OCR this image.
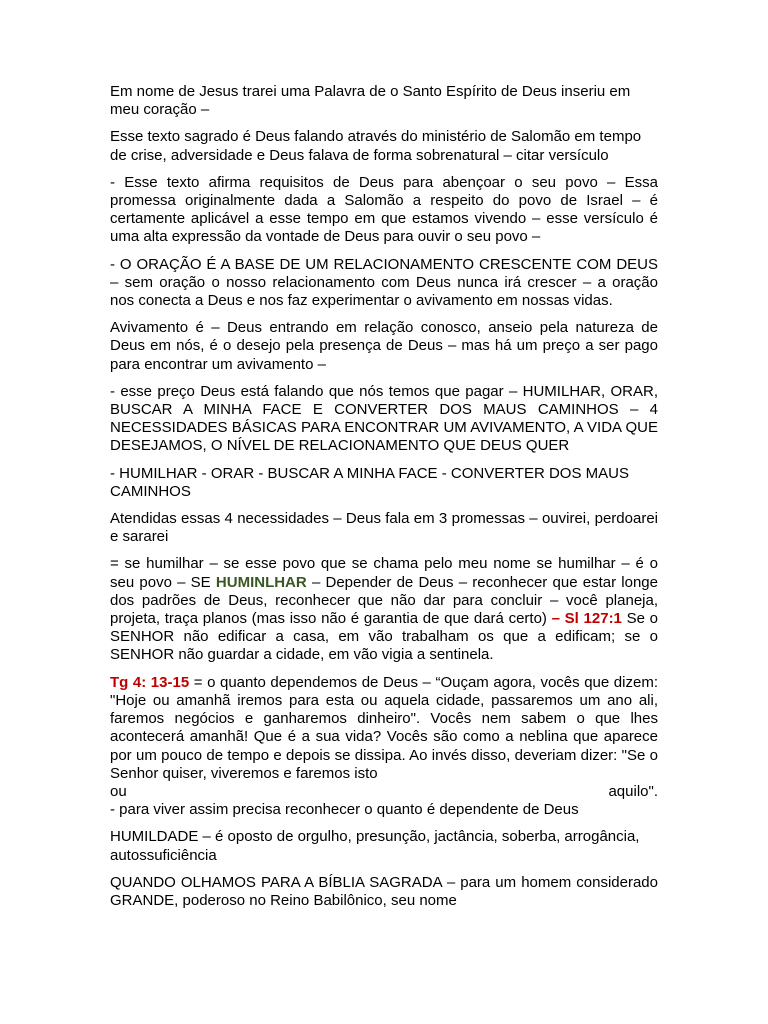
Em nome de Jesus trarei uma Palavra de o Santo Espírito de Deus inseriu em meu coração –

Esse texto sagrado é Deus falando através do ministério de Salomão em tempo de crise, adversidade e Deus falava de forma sobrenatural – citar versículo

- Esse texto afirma requisitos de Deus para abençoar o seu povo – Essa promessa originalmente dada a Salomão a respeito do povo de Israel – é certamente aplicável a esse tempo em que estamos vivendo – esse versículo é uma alta expressão da vontade de Deus para ouvir o seu povo –

- O ORAÇÃO É A BASE DE UM RELACIONAMENTO CRESCENTE COM DEUS – sem oração o nosso relacionamento com Deus nunca irá crescer – a oração nos conecta a Deus e nos faz experimentar o avivamento em nossas vidas.

Avivamento é – Deus entrando em relação conosco, anseio pela natureza de Deus em nós, é o desejo pela presença de Deus – mas há um preço a ser pago para encontrar um avivamento –

- esse preço Deus está falando que nós temos que pagar – HUMILHAR, ORAR, BUSCAR A MINHA FACE E CONVERTER DOS MAUS CAMINHOS – 4 NECESSIDADES BÁSICAS PARA ENCONTRAR UM AVIVAMENTO, A VIDA QUE DESEJAMOS, O NÍVEL DE RELACIONAMENTO QUE DEUS QUER

- HUMILHAR - ORAR - BUSCAR A MINHA FACE - CONVERTER DOS MAUS CAMINHOS

Atendidas essas 4 necessidades – Deus fala em 3 promessas – ouvirei, perdoarei e sararei

= se humilhar – se esse povo que se chama pelo meu nome se humilhar – é o seu povo – SE HUMINLHAR – Depender de Deus – reconhecer que estar longe dos padrões de Deus, reconhecer que não dar para concluir – você planeja, projeta, traça planos (mas isso não é garantia de que dará certo) – Sl 127:1 Se o SENHOR não edificar a casa, em vão trabalham os que a edificam; se o SENHOR não guardar a cidade, em vão vigia a sentinela.

Tg 4: 13-15 = o quanto dependemos de Deus – “Ouçam agora, vocês que dizem: "Hoje ou amanhã iremos para esta ou aquela cidade, passaremos um ano ali, faremos negócios e ganharemos dinheiro". Vocês nem sabem o que lhes acontecerá amanhã! Que é a sua vida? Vocês são como a neblina que aparece por um pouco de tempo e depois se dissipa. Ao invés disso, deveriam dizer: "Se o Senhor quiser, viveremos e faremos isto

ou	aquilo".

- para viver assim precisa reconhecer o quanto é dependente de Deus

HUMILDADE – é oposto de orgulho, presunção, jactância, soberba, arrogância, autossuficiência

QUANDO OLHAMOS PARA A BÍBLIA SAGRADA – para um homem considerado GRANDE, poderoso no Reino Babilônico, seu nome
